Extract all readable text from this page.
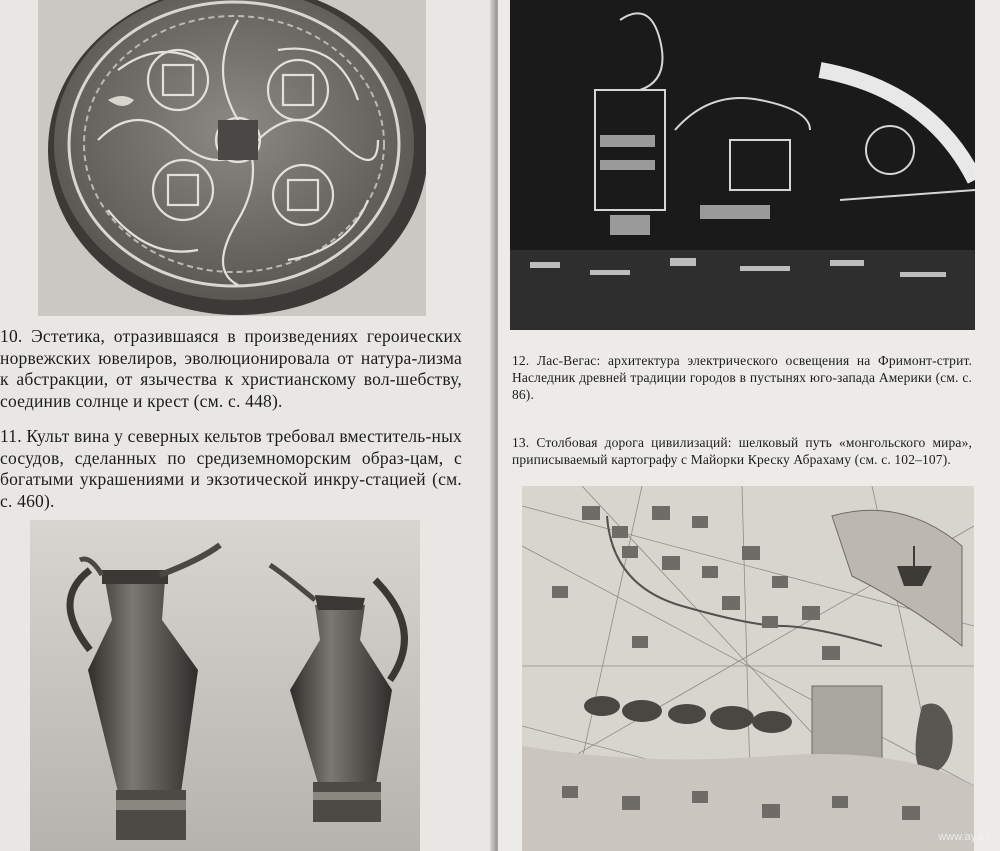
10. Эстетика, отразившаяся в произведениях героических норвежских ювелиров, эволюционировала от натура-лизма к абстракции, от язычества к христианскому вол-шебству, соединив солнце и крест (см. с. 448).

11. Культ вина у северных кельтов требовал вместитель-ных сосудов, сделанных по средиземноморским образ-цам, с богатыми украшениями и экзотической инкру-стацией (см. с. 460).

12. Лас-Вегас: архитектура электрического освещения на Фримонт-стрит. Наследник древней традиции городов в пустынях юго-запада Америки (см. с. 86).

13. Столбовая дорога цивилизаций: шелковый путь «монгольского мира», приписываемый картографу с Майорки Креску Абрахаму (см. с. 102–107).

www.ay.by
